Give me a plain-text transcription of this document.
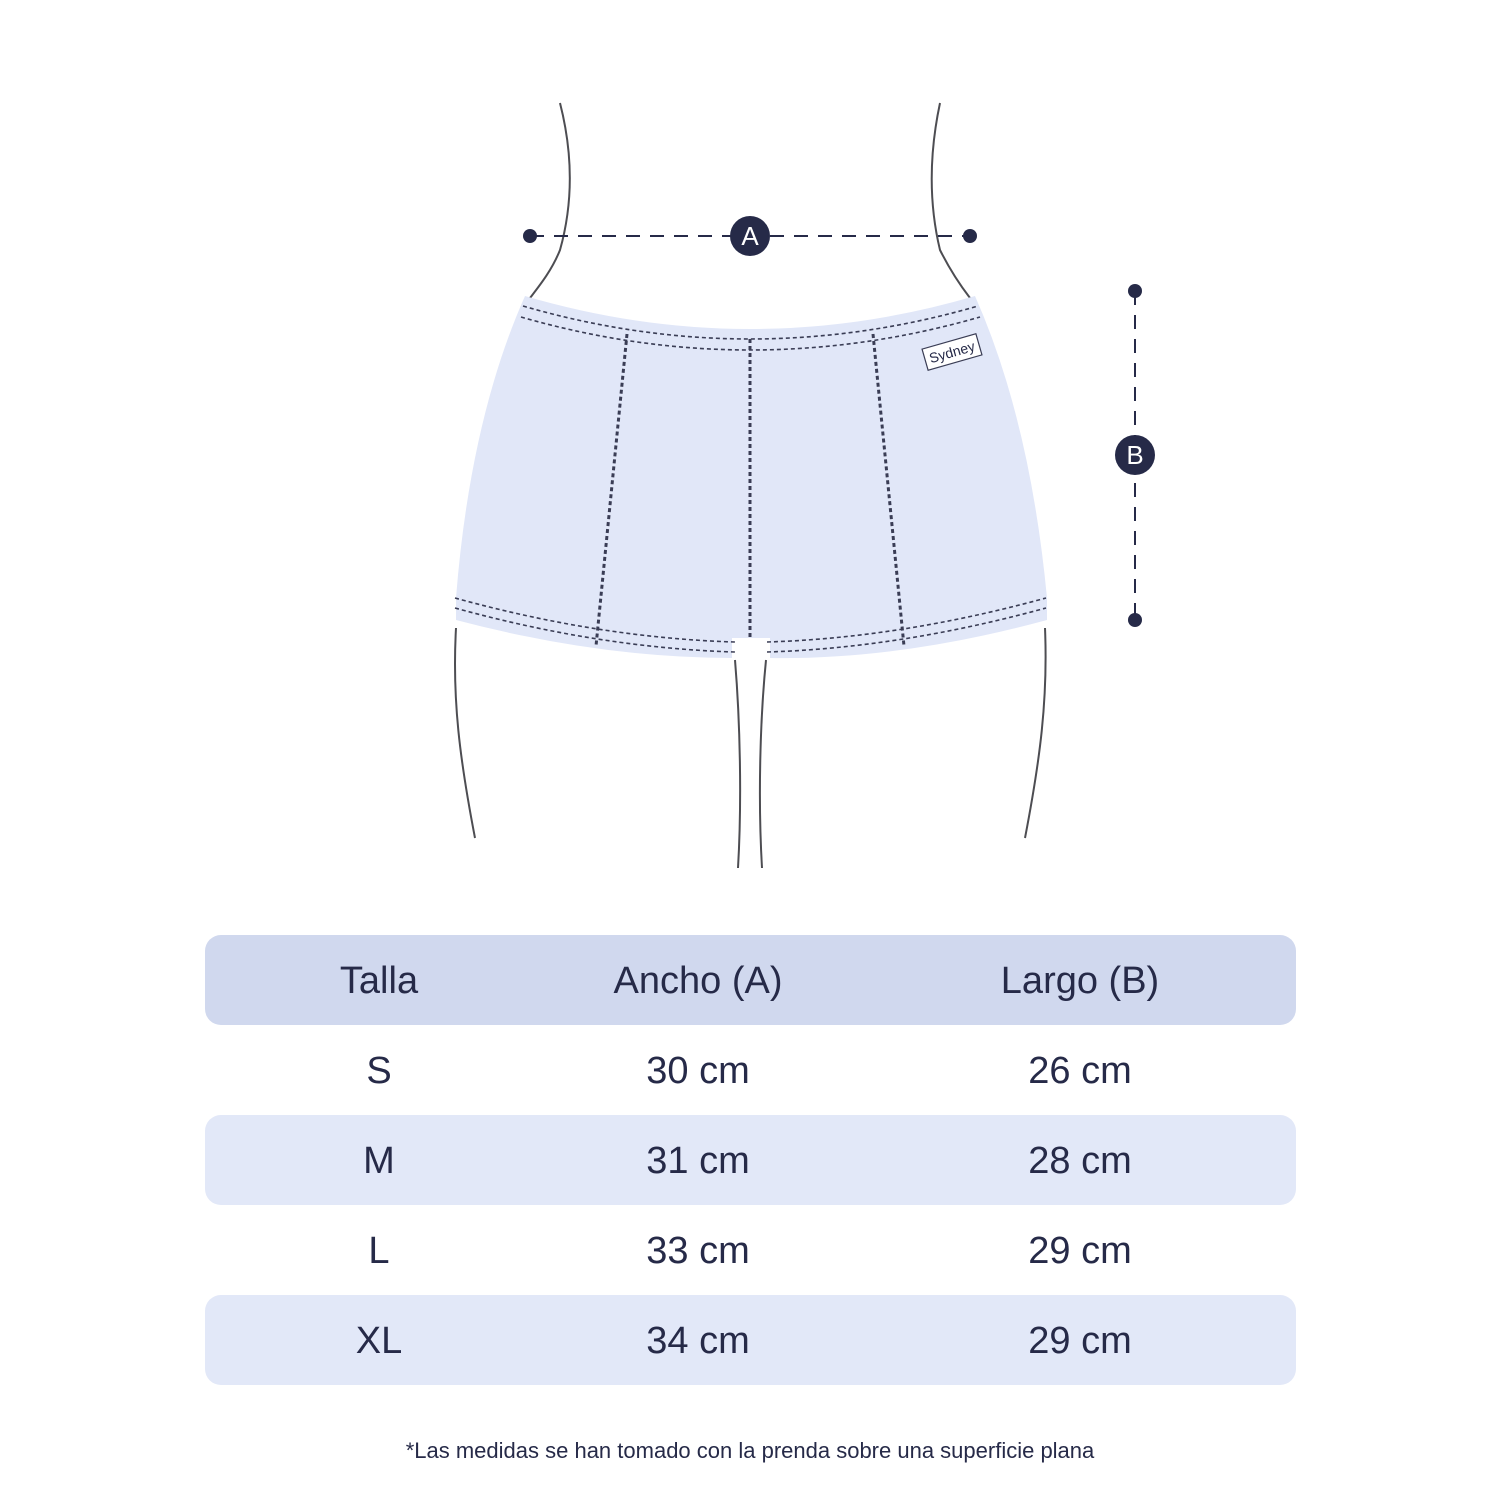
Sydney
A
B
Talla	Ancho (A)	Largo (B)
S	30 cm	26 cm
M	31 cm	28 cm
L	33 cm	29 cm
XL	34 cm	29 cm
*Las medidas se han tomado con la prenda sobre una superficie plana
